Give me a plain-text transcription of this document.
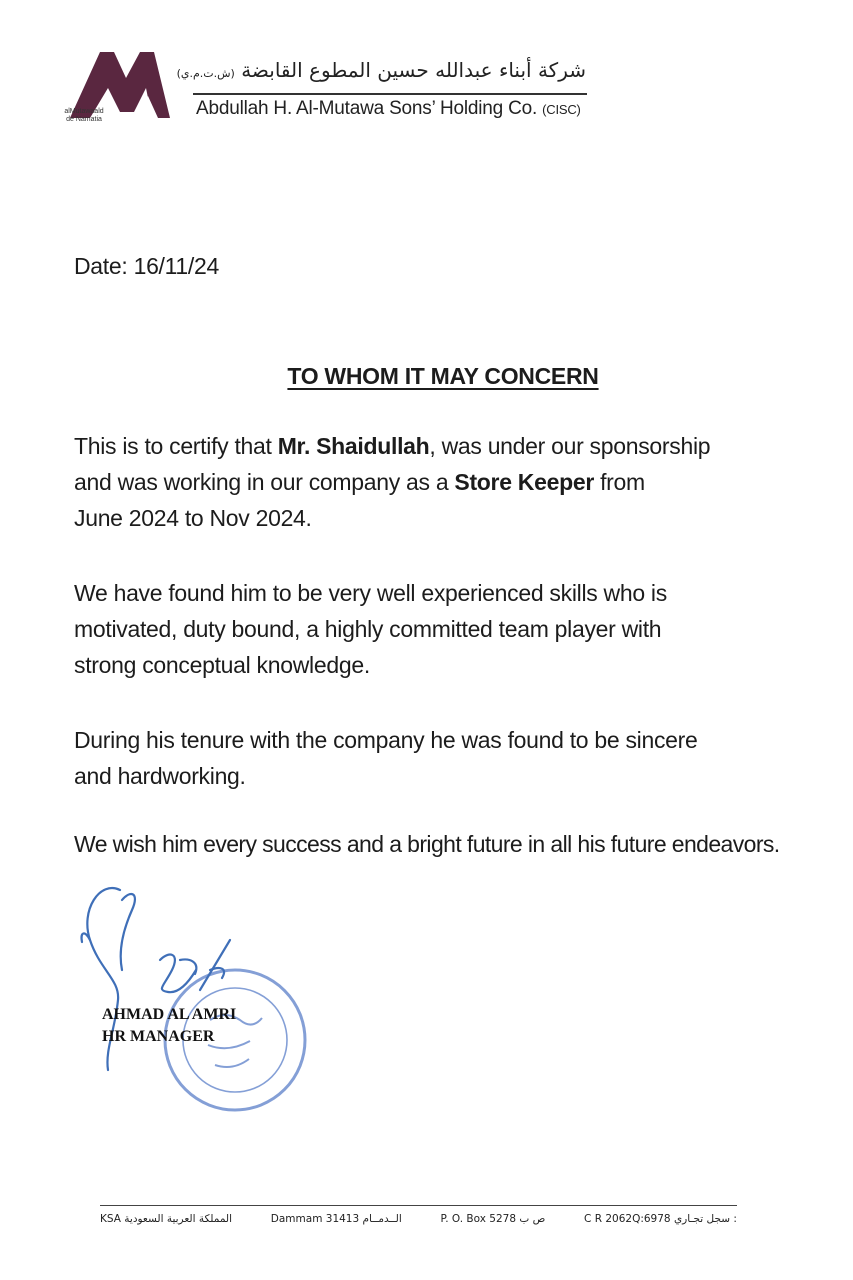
alMutawaald
de Namatia
شركة أبناء عبدالله حسين المطوع القابضة (ش.ت.م.ي)
Abdullah H. Al-Mutawa Sons’ Holding Co. (CISC)
Date: 16/11/24
TO WHOM IT MAY CONCERN
This is to certify that Mr. Shaidullah, was under our sponsorship
and was working in our company as a Store Keeper from
June 2024 to Nov 2024.
We have found him to be very well experienced skills who is
motivated, duty bound, a highly committed team player with
strong conceptual knowledge.
During his tenure with the company he was found to be sincere
and hardworking.
We wish him every success and a bright future in all his future endeavors.
AHMAD AL AMRI
HR MANAGER
KSA المملكة العربية السعودية	Dammam 31413 الــدمــام	P. O. Box 5278 ص ب	C R 2062Q:6978 سجل تجـاري :
